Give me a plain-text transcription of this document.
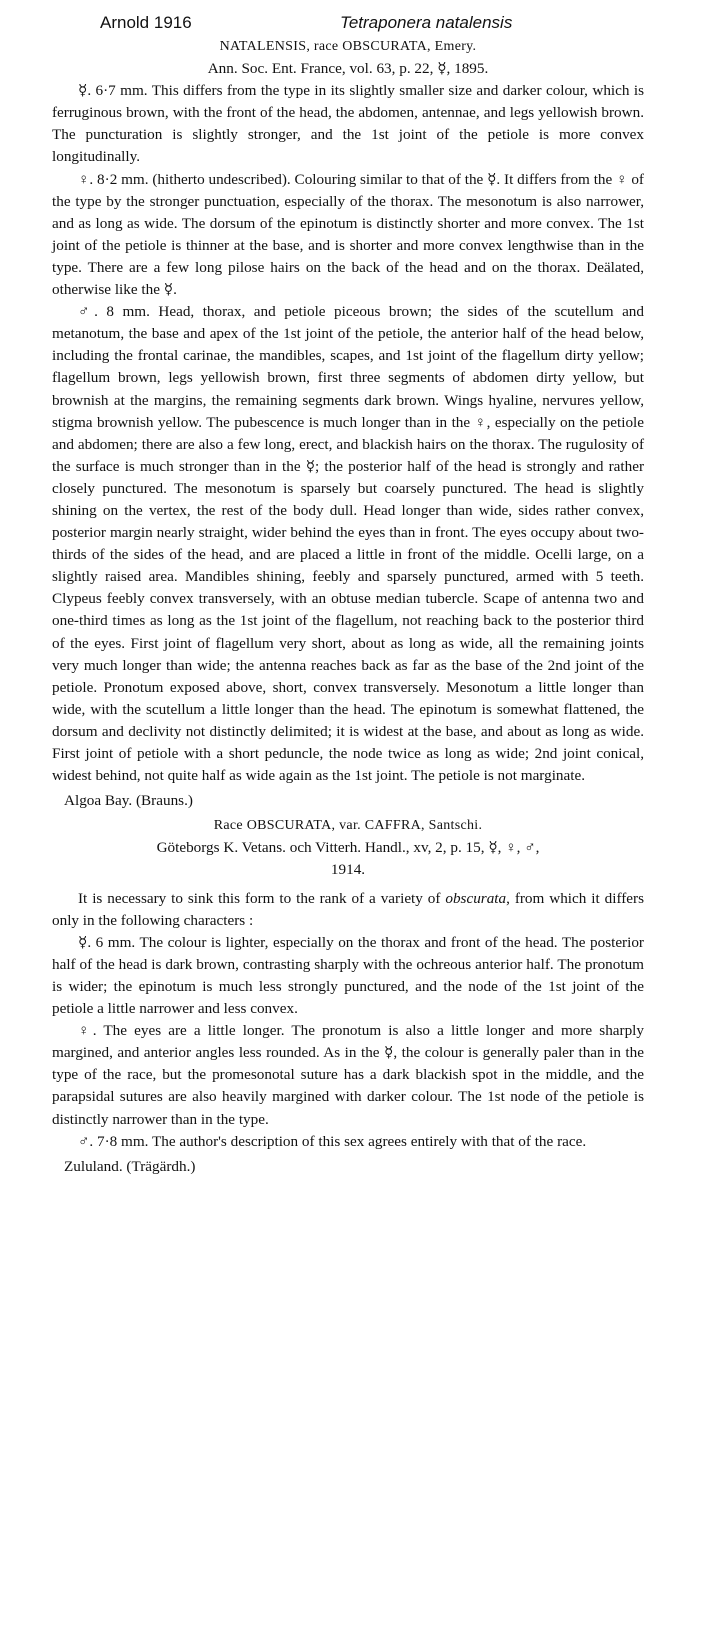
Arnold 1916	Tetraponera natalensis
NATALENSIS, race OBSCURATA, Emery.
Ann. Soc. Ent. France, vol. 63, p. 22, ☿, 1895.

☿. 6·7 mm. This differs from the type in its slightly smaller size and darker colour, which is ferruginous brown, with the front of the head, the abdomen, antennae, and legs yellowish brown. The puncturation is slightly stronger, and the 1st joint of the petiole is more convex longitudinally.

♀. 8·2 mm. (hitherto undescribed). Colouring similar to that of the ☿. It differs from the ♀ of the type by the stronger punctuation, especially of the thorax. The mesonotum is also narrower, and as long as wide. The dorsum of the epinotum is distinctly shorter and more convex. The 1st joint of the petiole is thinner at the base, and is shorter and more convex lengthwise than in the type. There are a few long pilose hairs on the back of the head and on the thorax. Deälated, otherwise like the ☿.

♂. 8 mm. Head, thorax, and petiole piceous brown; the sides of the scutellum and metanotum, the base and apex of the 1st joint of the petiole, the anterior half of the head below, including the frontal carinae, the mandibles, scapes, and 1st joint of the flagellum dirty yellow; flagellum brown, legs yellowish brown, first three segments of abdomen dirty yellow, but brownish at the margins, the remaining segments dark brown. Wings hyaline, nervures yellow, stigma brownish yellow. The pubescence is much longer than in the ♀, especially on the petiole and abdomen; there are also a few long, erect, and blackish hairs on the thorax. The rugulosity of the surface is much stronger than in the ☿; the posterior half of the head is strongly and rather closely punctured. The mesonotum is sparsely but coarsely punctured. The head is slightly shining on the vertex, the rest of the body dull. Head longer than wide, sides rather convex, posterior margin nearly straight, wider behind the eyes than in front. The eyes occupy about two-thirds of the sides of the head, and are placed a little in front of the middle. Ocelli large, on a slightly raised area. Mandibles shining, feebly and sparsely punctured, armed with 5 teeth. Clypeus feebly convex transversely, with an obtuse median tubercle. Scape of antenna two and one-third times as long as the 1st joint of the flagellum, not reaching back to the posterior third of the eyes. First joint of flagellum very short, about as long as wide, all the remaining joints very much longer than wide; the antenna reaches back as far as the base of the 2nd joint of the petiole. Pronotum exposed above, short, convex transversely. Mesonotum a little longer than wide, with the scutellum a little longer than the head. The epinotum is somewhat flattened, the dorsum and declivity not distinctly delimited; it is widest at the base, and about as long as wide. First joint of petiole with a short peduncle, the node twice as long as wide; 2nd joint conical, widest behind, not quite half as wide again as the 1st joint. The petiole is not marginate.

Algoa Bay. (Brauns.)

Race OBSCURATA, var. CAFFRA, Santschi.
Göteborgs K. Vetans. och Vitterh. Handl., xv, 2, p. 15, ☿, ♀, ♂,
1914.

It is necessary to sink this form to the rank of a variety of obscurata, from which it differs only in the following characters :

☿. 6 mm. The colour is lighter, especially on the thorax and front of the head. The posterior half of the head is dark brown, contrasting sharply with the ochreous anterior half. The pronotum is wider; the epinotum is much less strongly punctured, and the node of the 1st joint of the petiole a little narrower and less convex.

♀. The eyes are a little longer. The pronotum is also a little longer and more sharply margined, and anterior angles less rounded. As in the ☿, the colour is generally paler than in the type of the race, but the promesonotal suture has a dark blackish spot in the middle, and the parapsidal sutures are also heavily margined with darker colour. The 1st node of the petiole is distinctly narrower than in the type.

♂. 7·8 mm. The author's description of this sex agrees entirely with that of the race.

Zululand. (Trägärdh.)
